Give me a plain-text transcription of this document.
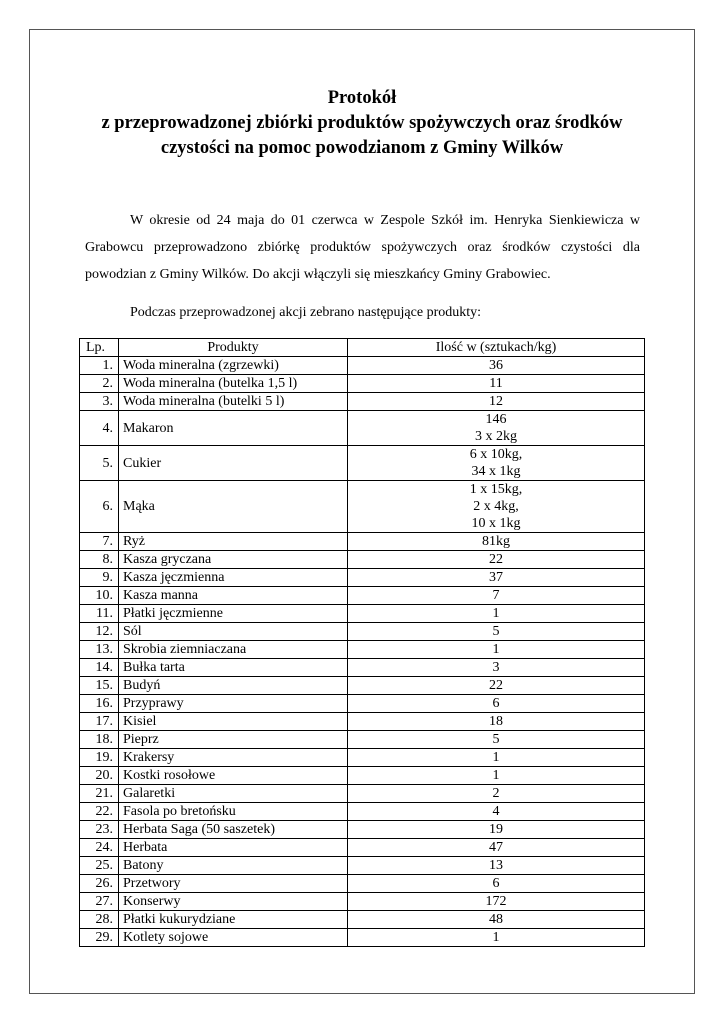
Protokół
z przeprowadzonej zbiórki produktów spożywczych oraz środków
czystości na pomoc powodzianom z Gminy Wilków
W okresie od 24 maja do 01 czerwca w Zespole Szkół im. Henryka Sienkiewicza w Grabowcu przeprowadzono zbiórkę produktów spożywczych oraz środków czystości dla powodzian z Gminy Wilków. Do akcji włączyli się mieszkańcy Gminy Grabowiec.
Podczas przeprowadzonej akcji zebrano następujące produkty:
Lp.	Produkty	Ilość w (sztukach/kg)
1.	Woda mineralna (zgrzewki)	36

2.	Woda mineralna (butelka 1,5 l)	11

3.	Woda mineralna (butelki 5 l)	12

4.	Makaron	146
3 x 2kg

5.	Cukier	6 x 10kg,
34 x 1kg

6.	Mąka	1 x 15kg,
2 x 4kg,
10 x 1kg

7.	Ryż	81kg

8.	Kasza gryczana	22

9.	Kasza jęczmienna	37

10.	Kasza manna	7

11.	Płatki jęczmienne	1

12.	Sól	5

13.	Skrobia ziemniaczana	1

14.	Bułka tarta	3

15.	Budyń	22

16.	Przyprawy	6

17.	Kisiel	18

18.	Pieprz	5

19.	Krakersy	1

20.	Kostki rosołowe	1

21.	Galaretki	2

22.	Fasola po bretońsku	4

23.	Herbata Saga (50 saszetek)	19

24.	Herbata	47

25.	Batony	13

26.	Przetwory	6

27.	Konserwy	172

28.	Płatki kukurydziane	48

29.	Kotlety sojowe	1
